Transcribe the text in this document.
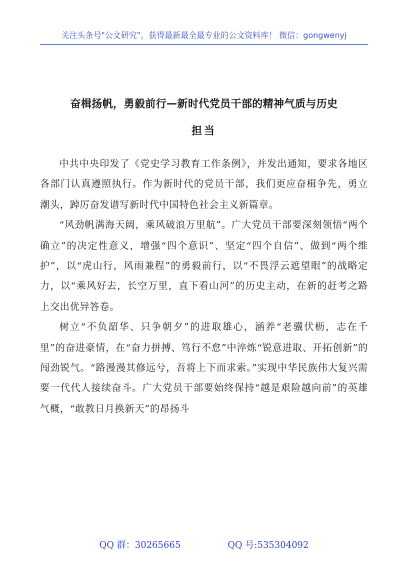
关注头条号"公文研究"，获得最新最全最专业的公文资料库！ 微信：gongwenyj
奋楫扬帆，勇毅前行—新时代党员干部的精神气质与历史
担当

中共中央印发了《党史学习教育工作条例》，并发出通知，要求各地区各部门认真遵照执行。作为新时代的党员干部，我们更应奋楫争先，勇立潮头，踔厉奋发谱写新时代中国特色社会主义新篇章。

“风劲帆满海天阔，乘风破浪万里航”。广大党员干部要深刻领悟“两个确立”的决定性意义，增强“四个意识”、坚定“四个自信”、做到“两个维护”，以“虎山行，风雨兼程”的勇毅前行，以“不畏浮云遮望眼”的战略定力，以“乘风好去，长空万里，直下看山河”的历史主动，在新的赶考之路上交出优异答卷。

树立“不负韶华、只争朝夕”的进取雄心，涵养“老骥伏枥，志在千里”的奋进豪情，在“奋力拼搏、笃行不怠”中淬炼“锐意进取、开拓创新”的闯劲锐气。“路漫漫其修远兮，吾将上下而求索。”实现中华民族伟大复兴需要一代代人接续奋斗。广大党员干部要始终保持“越是艰险越向前”的英雄气概，“敢教日月换新天”的昂扬斗

QQ 群：30265665	QQ 号:535304092
